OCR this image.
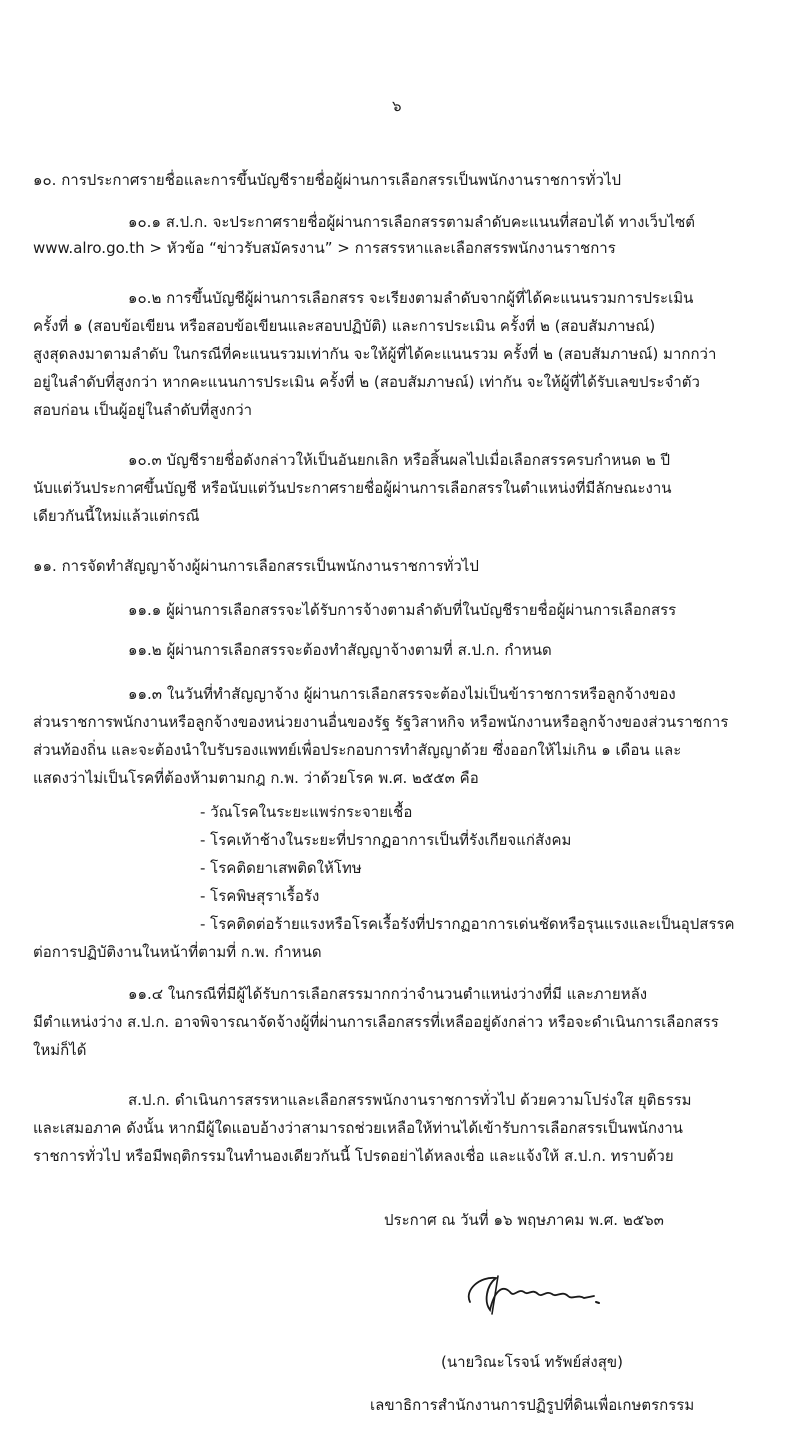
๖
๑๐. การประกาศรายชื่อและการขึ้นบัญชีรายชื่อผู้ผ่านการเลือกสรรเป็นพนักงานราชการทั่วไป
๑๐.๑ ส.ป.ก. จะประกาศรายชื่อผู้ผ่านการเลือกสรรตามลำดับคะแนนที่สอบได้ ทางเว็บไซต์
www.alro.go.th > หัวข้อ “ข่าวรับสมัครงาน” > การสรรหาและเลือกสรรพนักงานราชการ
๑๐.๒ การขึ้นบัญชีผู้ผ่านการเลือกสรร จะเรียงตามลำดับจากผู้ที่ได้คะแนนรวมการประเมิน
ครั้งที่ ๑ (สอบข้อเขียน หรือสอบข้อเขียนและสอบปฏิบัติ) และการประเมิน ครั้งที่ ๒ (สอบสัมภาษณ์)
สูงสุดลงมาตามลำดับ ในกรณีที่คะแนนรวมเท่ากัน จะให้ผู้ที่ได้คะแนนรวม ครั้งที่ ๒ (สอบสัมภาษณ์) มากกว่า
อยู่ในลำดับที่สูงกว่า หากคะแนนการประเมิน ครั้งที่ ๒ (สอบสัมภาษณ์) เท่ากัน จะให้ผู้ที่ได้รับเลขประจำตัว
สอบก่อน เป็นผู้อยู่ในลำดับที่สูงกว่า
๑๐.๓ บัญชีรายชื่อดังกล่าวให้เป็นอันยกเลิก หรือสิ้นผลไปเมื่อเลือกสรรครบกำหนด ๒ ปี
นับแต่วันประกาศขึ้นบัญชี หรือนับแต่วันประกาศรายชื่อผู้ผ่านการเลือกสรรในตำแหน่งที่มีลักษณะงาน
เดียวกันนี้ใหม่แล้วแต่กรณี
๑๑. การจัดทำสัญญาจ้างผู้ผ่านการเลือกสรรเป็นพนักงานราชการทั่วไป
๑๑.๑ ผู้ผ่านการเลือกสรรจะได้รับการจ้างตามลำดับที่ในบัญชีรายชื่อผู้ผ่านการเลือกสรร
๑๑.๒ ผู้ผ่านการเลือกสรรจะต้องทำสัญญาจ้างตามที่ ส.ป.ก. กำหนด
๑๑.๓ ในวันที่ทำสัญญาจ้าง ผู้ผ่านการเลือกสรรจะต้องไม่เป็นข้าราชการหรือลูกจ้างของ
ส่วนราชการพนักงานหรือลูกจ้างของหน่วยงานอื่นของรัฐ รัฐวิสาหกิจ หรือพนักงานหรือลูกจ้างของส่วนราชการ
ส่วนท้องถิ่น และจะต้องนำใบรับรองแพทย์เพื่อประกอบการทำสัญญาด้วย ซึ่งออกให้ไม่เกิน ๑ เดือน และ
แสดงว่าไม่เป็นโรคที่ต้องห้ามตามกฎ ก.พ. ว่าด้วยโรค พ.ศ. ๒๕๕๓ คือ
- วัณโรคในระยะแพร่กระจายเชื้อ
- โรคเท้าช้างในระยะที่ปรากฏอาการเป็นที่รังเกียจแก่สังคม
- โรคติดยาเสพติดให้โทษ
- โรคพิษสุราเรื้อรัง
- โรคติดต่อร้ายแรงหรือโรคเรื้อรังที่ปรากฏอาการเด่นชัดหรือรุนแรงและเป็นอุปสรรค
ต่อการปฏิบัติงานในหน้าที่ตามที่ ก.พ. กำหนด
๑๑.๔ ในกรณีที่มีผู้ได้รับการเลือกสรรมากกว่าจำนวนตำแหน่งว่างที่มี และภายหลัง
มีตำแหน่งว่าง ส.ป.ก. อาจพิจารณาจัดจ้างผู้ที่ผ่านการเลือกสรรที่เหลืออยู่ดังกล่าว หรือจะดำเนินการเลือกสรร
ใหม่ก็ได้
ส.ป.ก. ดำเนินการสรรหาและเลือกสรรพนักงานราชการทั่วไป ด้วยความโปร่งใส ยุติธรรม
และเสมอภาค ดังนั้น หากมีผู้ใดแอบอ้างว่าสามารถช่วยเหลือให้ท่านได้เข้ารับการเลือกสรรเป็นพนักงาน
ราชการทั่วไป หรือมีพฤติกรรมในทำนองเดียวกันนี้ โปรดอย่าได้หลงเชื่อ และแจ้งให้ ส.ป.ก. ทราบด้วย
ประกาศ ณ วันที่ ๑๖ พฤษภาคม พ.ศ. ๒๕๖๓
(นายวิณะโรจน์ ทรัพย์ส่งสุข)
เลขาธิการสำนักงานการปฏิรูปที่ดินเพื่อเกษตรกรรม
